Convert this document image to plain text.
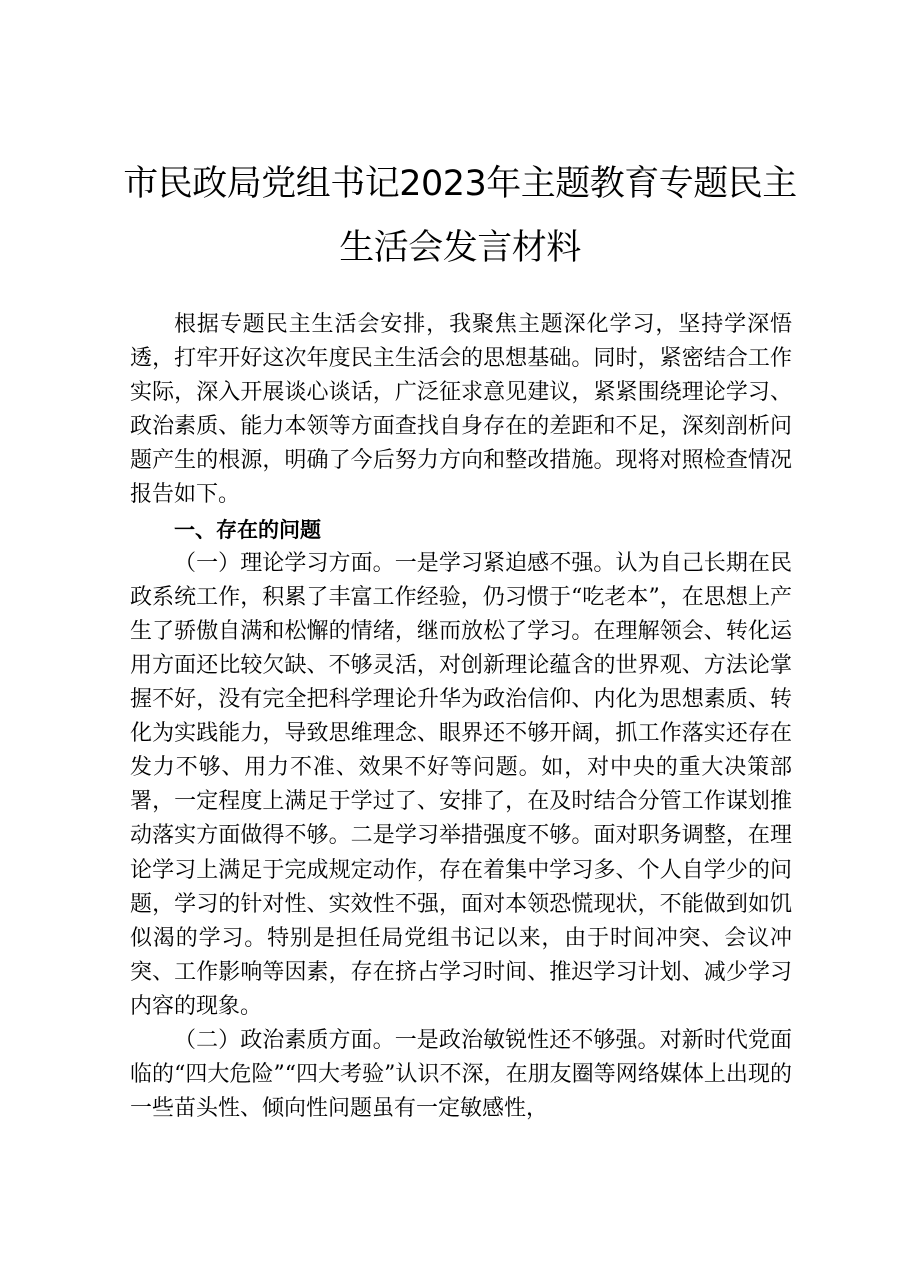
市民政局党组书记2023年主题教育专题民主生活会发言材料

根据专题民主生活会安排，我聚焦主题深化学习，坚持学深悟透，打牢开好这次年度民主生活会的思想基础。同时，紧密结合工作实际，深入开展谈心谈话，广泛征求意见建议，紧紧围绕理论学习、政治素质、能力本领等方面查找自身存在的差距和不足，深刻剖析问题产生的根源，明确了今后努力方向和整改措施。现将对照检查情况报告如下。

一、存在的问题

（一）理论学习方面。一是学习紧迫感不强。认为自己长期在民政系统工作，积累了丰富工作经验，仍习惯于“吃老本”，在思想上产生了骄傲自满和松懈的情绪，继而放松了学习。在理解领会、转化运用方面还比较欠缺、不够灵活，对创新理论蕴含的世界观、方法论掌握不好，没有完全把科学理论升华为政治信仰、内化为思想素质、转化为实践能力，导致思维理念、眼界还不够开阔，抓工作落实还存在发力不够、用力不准、效果不好等问题。如，对中央的重大决策部署，一定程度上满足于学过了、安排了，在及时结合分管工作谋划推动落实方面做得不够。二是学习举措强度不够。面对职务调整，在理论学习上满足于完成规定动作，存在着集中学习多、个人自学少的问题，学习的针对性、实效性不强，面对本领恐慌现状，不能做到如饥似渴的学习。特别是担任局党组书记以来，由于时间冲突、会议冲突、工作影响等因素，存在挤占学习时间、推迟学习计划、减少学习内容的现象。

（二）政治素质方面。一是政治敏锐性还不够强。对新时代党面临的“四大危险”“四大考验”认识不深，在朋友圈等网络媒体上出现的一些苗头性、倾向性问题虽有一定敏感性，
